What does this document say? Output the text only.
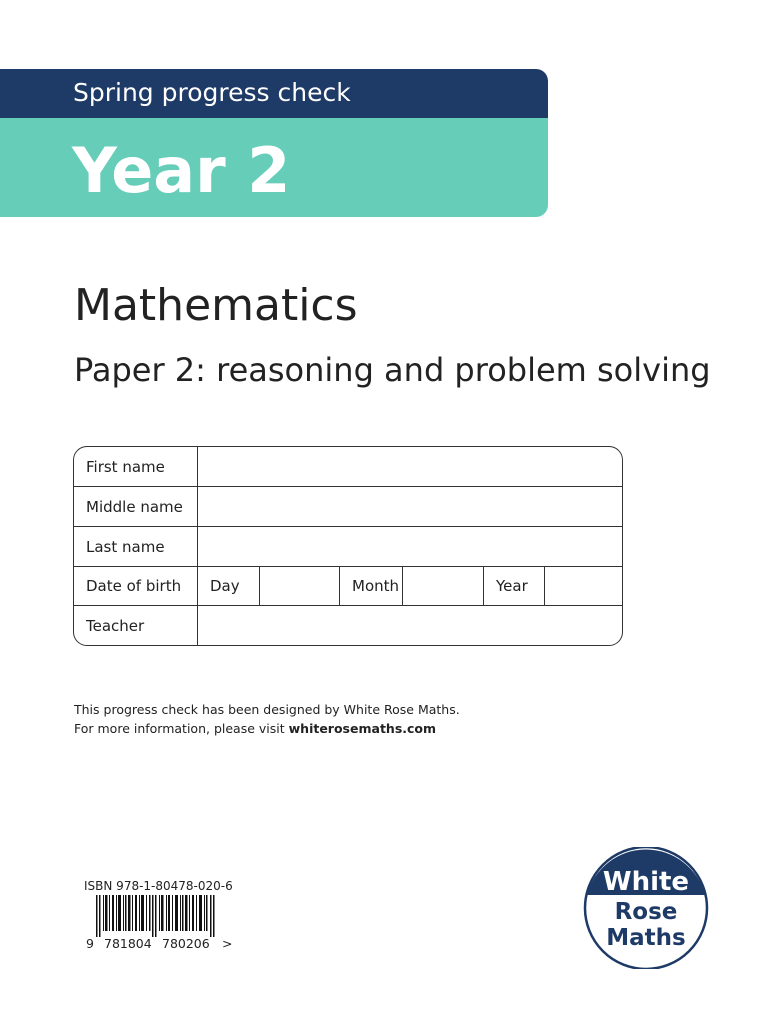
Spring progress check
Year 2
Mathematics
Paper 2: reasoning and problem solving
First name
Middle name
Last name
Date of birth	Day	Month	Year
Teacher
This progress check has been designed by White Rose Maths.
For more information, please visit whiterosemaths.com
ISBN 978-1-80478-020-6
9 781804 780206 >
White
Rose
Maths
